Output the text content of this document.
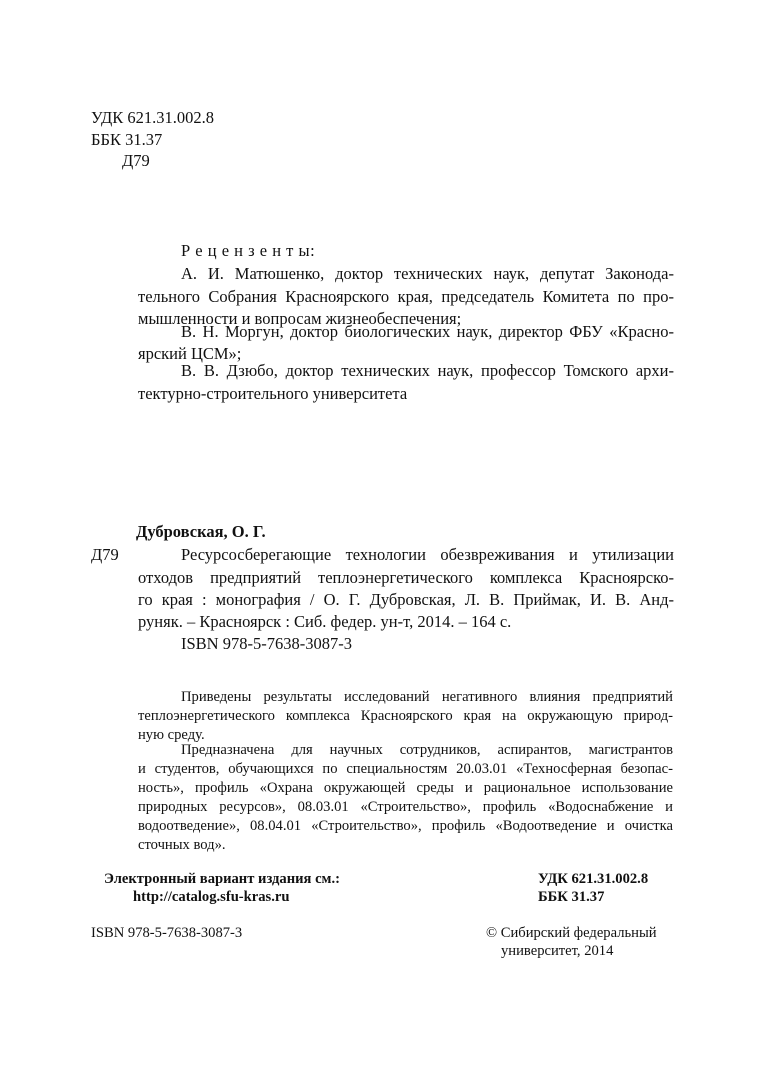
УДК 621.31.002.8
ББК 31.37
Д79
Р е ц е н з е н т ы:
А. И. Матюшенко, доктор технических наук, депутат Законода-
тельного Собрания Красноярского края, председатель Комитета по про-
мышленности и вопросам жизнеобеспечения;
В. Н. Моргун, доктор биологических наук, директор ФБУ «Красно-
ярский ЦСМ»;
В. В. Дзюбо, доктор технических наук, профессор Томского архи-
тектурно-строительного университета
Дубровская, О. Г.
Д79	Ресурсосберегающие технологии обезвреживания и утилизации
отходов предприятий теплоэнергетического комплекса Красноярско-
го края : монография / О. Г. Дубровская, Л. В. Приймак, И. В. Анд-
руняк. – Красноярск : Сиб. федер. ун-т, 2014. – 164 с.
ISBN 978-5-7638-3087-3
Приведены результаты исследований негативного влияния предприятий
теплоэнергетического комплекса Красноярского края на окружающую природ-
ную среду.
Предназначена для научных сотрудников, аспирантов, магистрантов
и студентов, обучающихся по специальностям 20.03.01 «Техносферная безопас-
ность», профиль «Охрана окружающей среды и рациональное использование
природных ресурсов», 08.03.01 «Строительство», профиль «Водоснабжение и
водоотведение», 08.04.01 «Строительство», профиль «Водоотведение и очистка
сточных вод».
Электронный вариант издания см.:
http://catalog.sfu-kras.ru
УДК 621.31.002.8
ББК 31.37
ISBN 978-5-7638-3087-3	© Сибирский федеральный
университет, 2014
